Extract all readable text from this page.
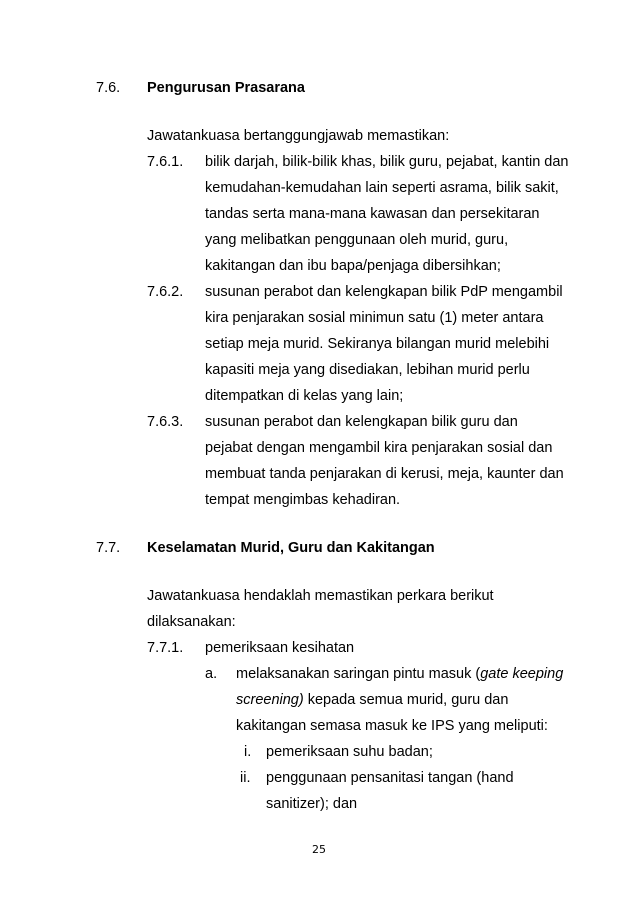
7.6. Pengurusan Prasarana
Jawatankuasa bertanggungjawab memastikan:
7.6.1. bilik darjah, bilik-bilik khas, bilik guru, pejabat, kantin dan
kemudahan-kemudahan lain seperti asrama, bilik sakit,
tandas serta mana-mana kawasan dan persekitaran
yang melibatkan penggunaan oleh murid, guru,
kakitangan dan ibu bapa/penjaga dibersihkan;
7.6.2. susunan perabot dan kelengkapan bilik PdP mengambil
kira penjarakan sosial minimun satu (1) meter antara
setiap meja murid. Sekiranya bilangan murid melebihi
kapasiti meja yang disediakan, lebihan murid perlu
ditempatkan di kelas yang lain;
7.6.3. susunan perabot dan kelengkapan bilik guru dan
pejabat dengan mengambil kira penjarakan sosial dan
membuat tanda penjarakan di kerusi, meja, kaunter dan
tempat mengimbas kehadiran.
7.7. Keselamatan Murid, Guru dan Kakitangan
Jawatankuasa hendaklah memastikan perkara berikut
dilaksanakan:
7.7.1. pemeriksaan kesihatan
a. melaksanakan saringan pintu masuk (gate keeping
screening) kepada semua murid, guru dan
kakitangan semasa masuk ke IPS yang meliputi:
i. pemeriksaan suhu badan;
ii. penggunaan pensanitasi tangan (hand
sanitizer); dan
25
